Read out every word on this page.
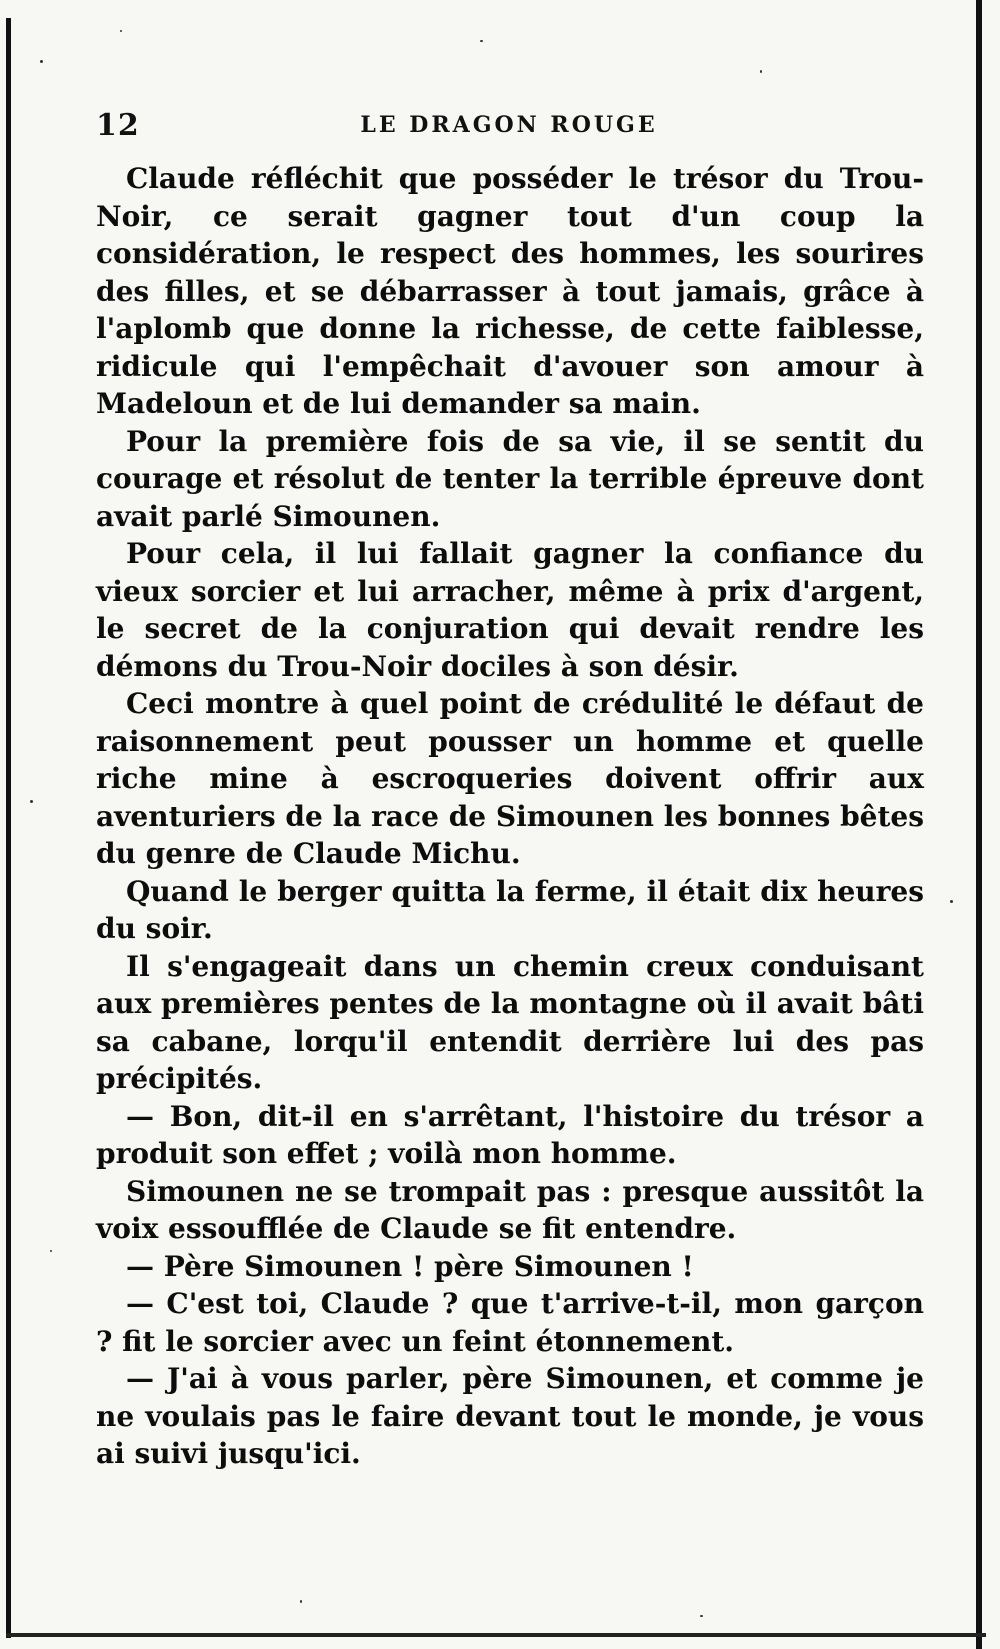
12	LE DRAGON ROUGE

Claude réfléchit que posséder le trésor du Trou-Noir, ce serait gagner tout d'un coup la considération, le respect des hommes, les sourires des filles, et se débarrasser à tout jamais, grâce à l'aplomb que donne la richesse, de cette faiblesse, ridicule qui l'empêchait d'avouer son amour à Madeloun et de lui demander sa main.

Pour la première fois de sa vie, il se sentit du courage et résolut de tenter la terrible épreuve dont avait parlé Simounen.

Pour cela, il lui fallait gagner la confiance du vieux sorcier et lui arracher, même à prix d'argent, le secret de la conjuration qui devait rendre les démons du Trou-Noir dociles à son désir.

Ceci montre à quel point de crédulité le défaut de raisonnement peut pousser un homme et quelle riche mine à escroqueries doivent offrir aux aventuriers de la race de Simounen les bonnes bêtes du genre de Claude Michu.

Quand le berger quitta la ferme, il était dix heures du soir.

Il s'engageait dans un chemin creux conduisant aux premières pentes de la montagne où il avait bâti sa cabane, lorqu'il entendit derrière lui des pas précipités.

— Bon, dit-il en s'arrêtant, l'histoire du trésor a produit son effet ; voilà mon homme.

Simounen ne se trompait pas : presque aussitôt la voix essoufflée de Claude se fit entendre.

— Père Simounen ! père Simounen !

— C'est toi, Claude ? que t'arrive-t-il, mon garçon ? fit le sorcier avec un feint étonnement.

— J'ai à vous parler, père Simounen, et comme je ne voulais pas le faire devant tout le monde, je vous ai suivi jusqu'ici.
